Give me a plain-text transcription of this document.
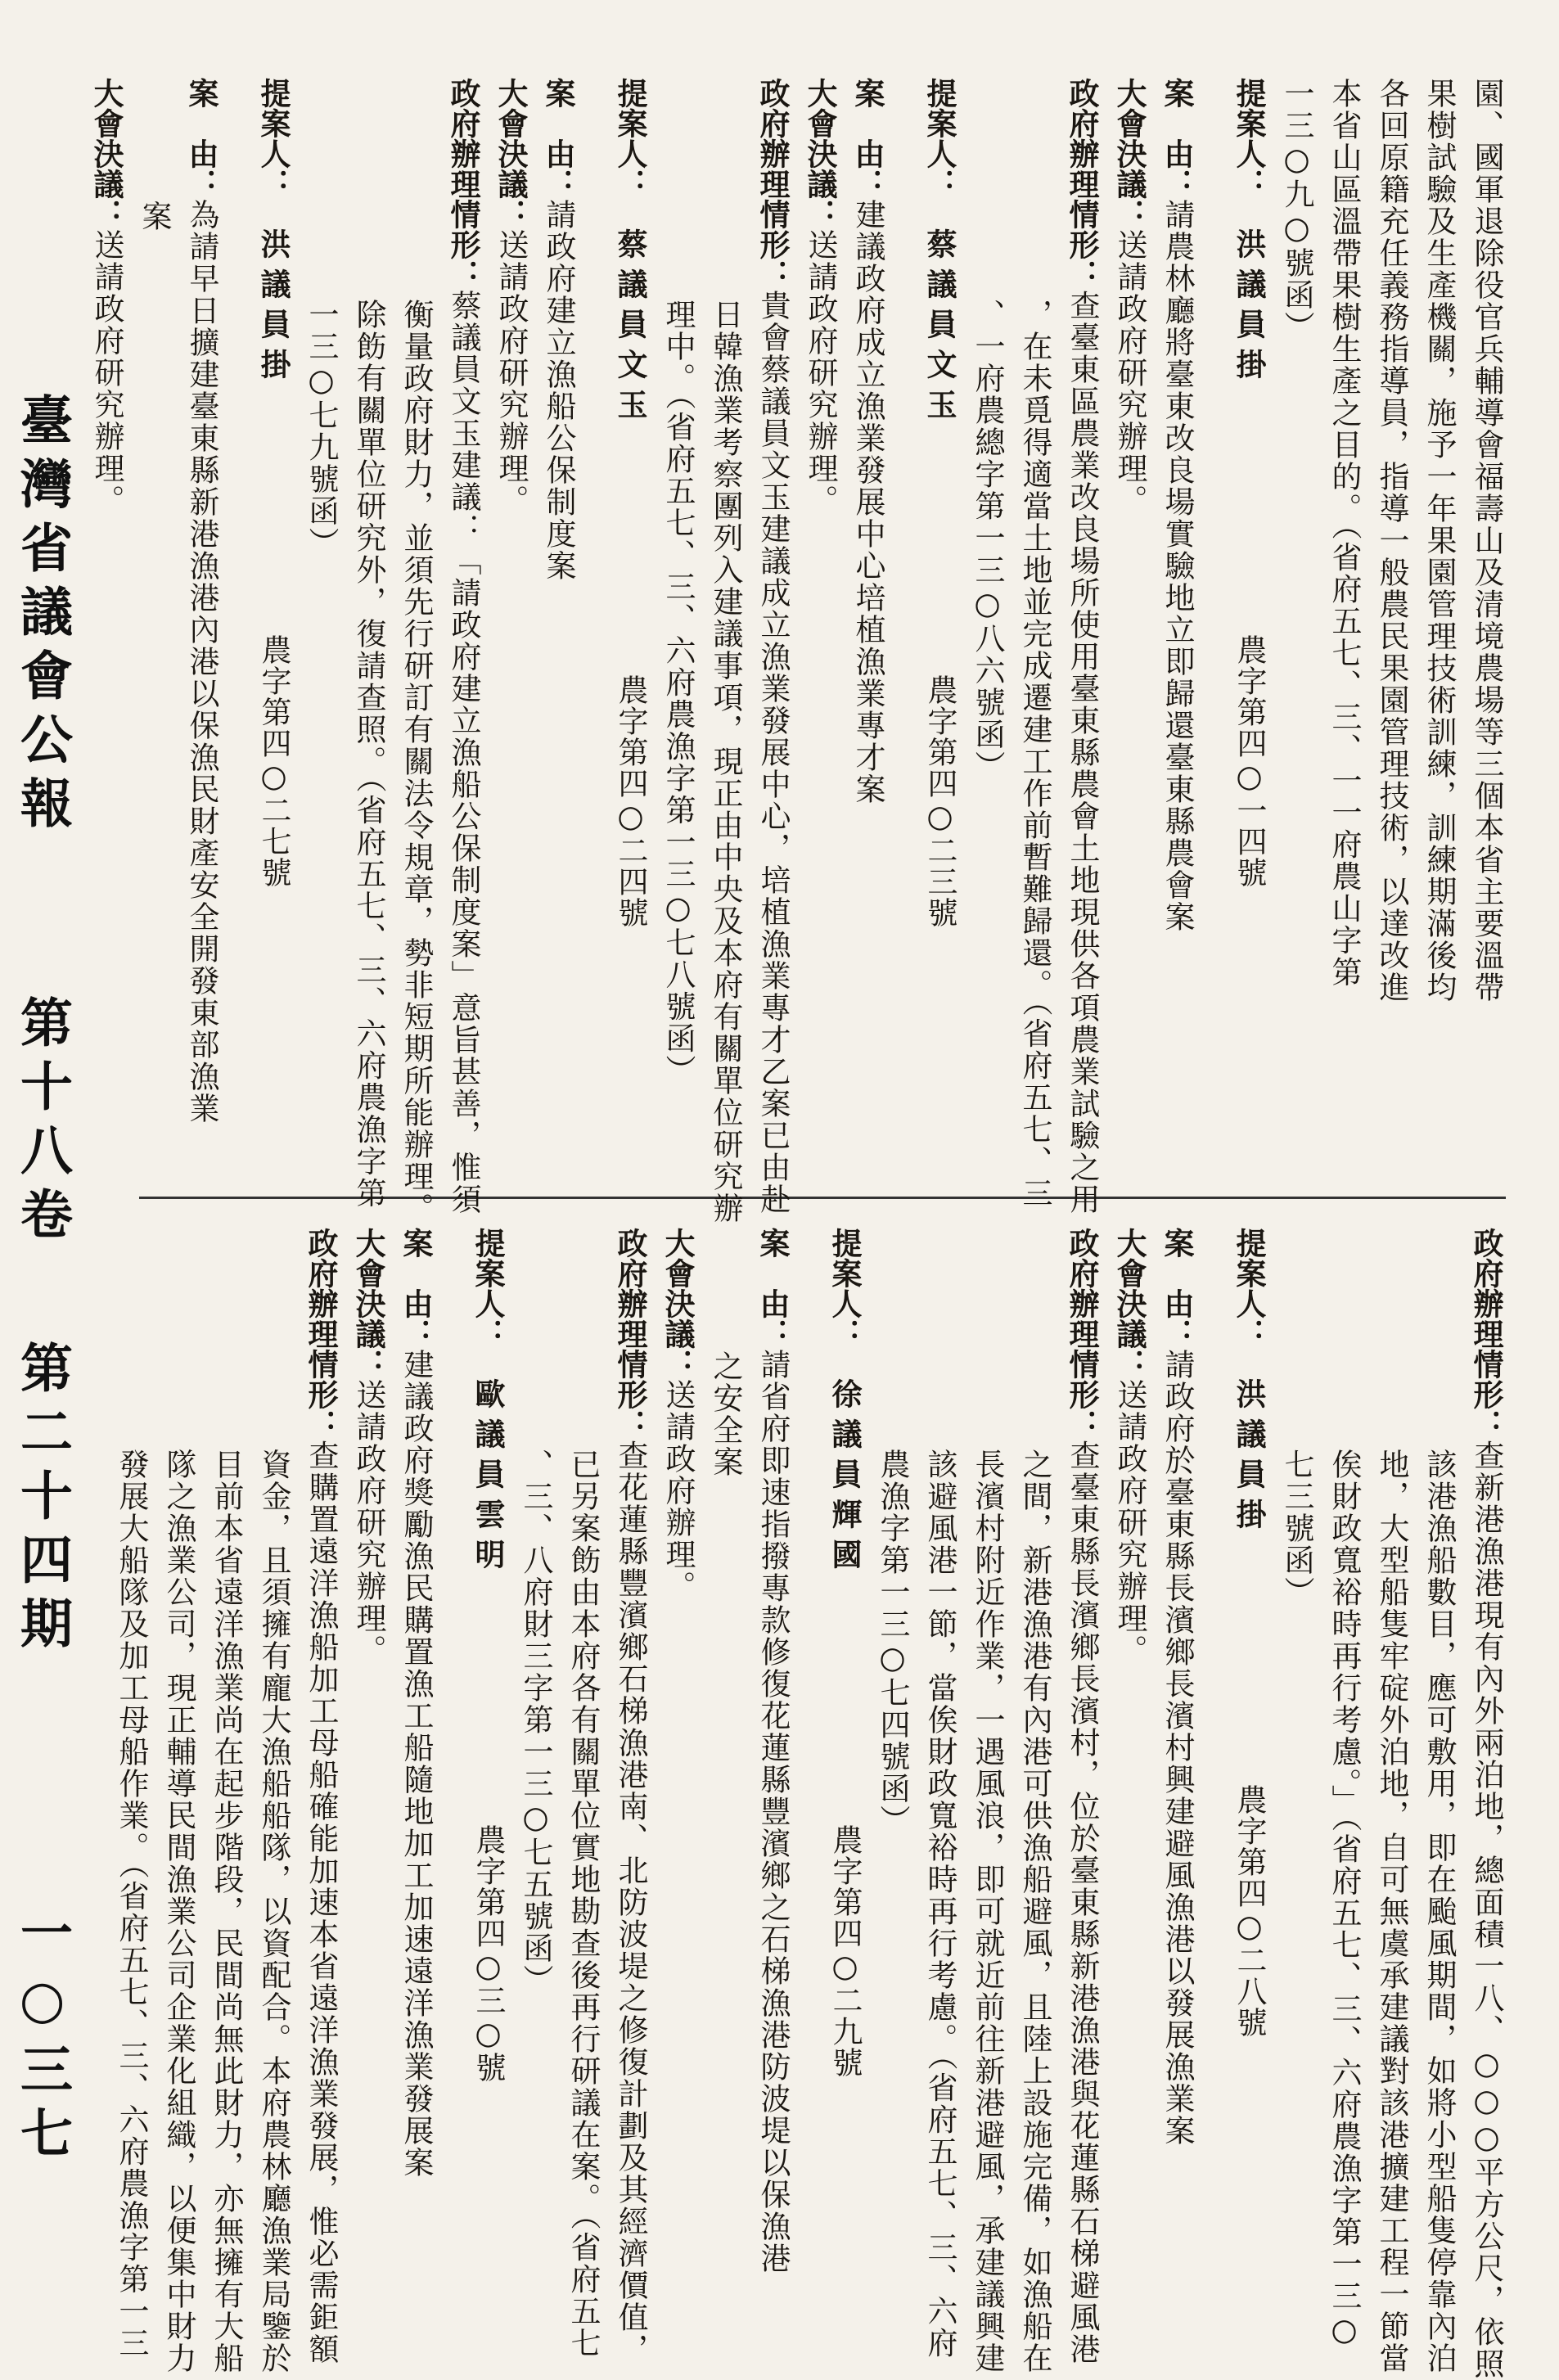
臺灣省議會公報第十八卷第二十四期一○三七
園、國軍退除役官兵輔導會福壽山及清境農場等三個本省主要溫帶
果樹試驗及生產機關，施予一年果園管理技術訓練，訓練期滿後均
各回原籍充任義務指導員，指導一般農民果園管理技術，以達改進
本省山區溫帶果樹生產之目的。（省府五七、三、一一府農山字第
一三○九○號函）
提案人：洪議員掛農字第四○一四號
案　由：請農林廳將臺東改良場實驗地立即歸還臺東縣農會案
大會決議：送請政府研究辦理。
政府辦理情形：查臺東區農業改良場所使用臺東縣農會土地現供各項農業試驗之用
，在未覓得適當土地並完成遷建工作前暫難歸還。（省府五七、三
、一府農總字第一三○八六號函）
提案人：蔡議員文玉農字第四○二三號
案　由：建議政府成立漁業發展中心培植漁業專才案
大會決議：送請政府研究辦理。
政府辦理情形：貴會蔡議員文玉建議成立漁業發展中心，培植漁業專才乙案已由赴
日韓漁業考察團列入建議事項，現正由中央及本府有關單位研究辦
理中。（省府五七、三、六府農漁字第一三○七八號函）
提案人：蔡議員文玉農字第四○二四號
案　由：請政府建立漁船公保制度案
大會決議：送請政府研究辦理。
政府辦理情形：蔡議員文玉建議：「請政府建立漁船公保制度案」意旨甚善，惟須
衡量政府財力，並須先行研訂有關法令規章，勢非短期所能辦理。
除飭有關單位研究外，復請查照。（省府五七、三、六府農漁字第
一三○七九號函）
提案人：洪議員掛農字第四○二七號
案　由：為請早日擴建臺東縣新港漁港內港以保漁民財產安全開發東部漁業
案
大會決議：送請政府研究辦理。
政府辦理情形：查新港漁港現有內外兩泊地，總面積一八、○○○平方公尺，依照
該港漁船數目，應可敷用，即在颱風期間，如將小型船隻停靠內泊
地，大型船隻牢碇外泊地，自可無虞承建議對該港擴建工程一節當
俟財政寬裕時再行考慮。」（省府五七、三、六府農漁字第一三○
七三號函）
提案人：洪議員掛農字第四○二八號
案　由：請政府於臺東縣長濱鄉長濱村興建避風漁港以發展漁業案
大會決議：送請政府研究辦理。
政府辦理情形：查臺東縣長濱鄉長濱村，位於臺東縣新港漁港與花蓮縣石梯避風港
之間，新港漁港有內港可供漁船避風，且陸上設施完備，如漁船在
長濱村附近作業，一遇風浪，即可就近前往新港避風，承建議興建
該避風港一節，當俟財政寬裕時再行考慮。（省府五七、三、六府
農漁字第一三○七四號函）
提案人：徐議員輝國農字第四○二九號
案　由：請省府即速指撥專款修復花蓮縣豐濱鄉之石梯漁港防波堤以保漁港
之安全案
大會決議：送請政府辦理。
政府辦理情形：查花蓮縣豐濱鄉石梯漁港南、北防波堤之修復計劃及其經濟價值，
已另案飭由本府各有關單位實地勘查後再行研議在案。（省府五七
、三、八府財三字第一三○七五號函）
提案人：歐議員雲明農字第四○三○號
案　由：建議政府獎勵漁民購置漁工船隨地加工加速遠洋漁業發展案
大會決議：送請政府研究辦理。
政府辦理情形：查購置遠洋漁船加工母船確能加速本省遠洋漁業發展，惟必需鉅額
資金，且須擁有龐大漁船船隊，以資配合。本府農林廳漁業局鑒於
目前本省遠洋漁業尚在起步階段，民間尚無此財力，亦無擁有大船
隊之漁業公司，現正輔導民間漁業公司企業化組織，以便集中財力
發展大船隊及加工母船作業。（省府五七、三、六府農漁字第一三
